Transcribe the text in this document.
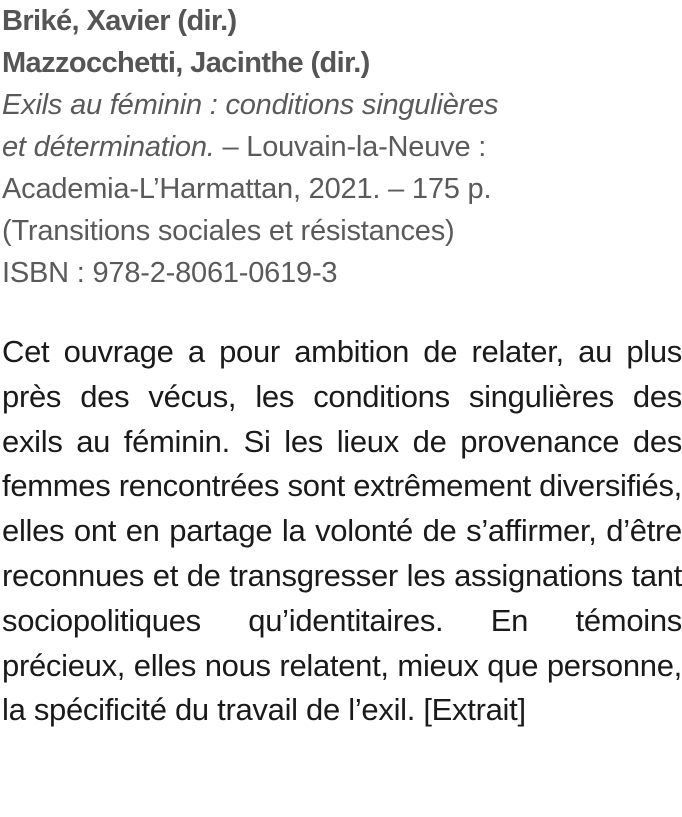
Briké, Xavier (dir.)
Mazzocchetti, Jacinthe (dir.)
Exils au féminin : conditions singulières
et détermination. – Louvain-la-Neuve :
Academia-L’Harmattan, 2021. – 175 p.
(Transitions sociales et résistances)
ISBN : 978-2-8061-0619-3
Cet ouvrage a pour ambition de relater, au plus près des vécus, les conditions singulières des exils au féminin. Si les lieux de provenance des femmes rencontrées sont extrêmement diversifiés, elles ont en partage la volonté de s’affirmer, d’être reconnues et de transgresser les assignations tant sociopolitiques qu’identitaires. En témoins précieux, elles nous relatent, mieux que personne, la spécificité du travail de l’exil. [Extrait]
